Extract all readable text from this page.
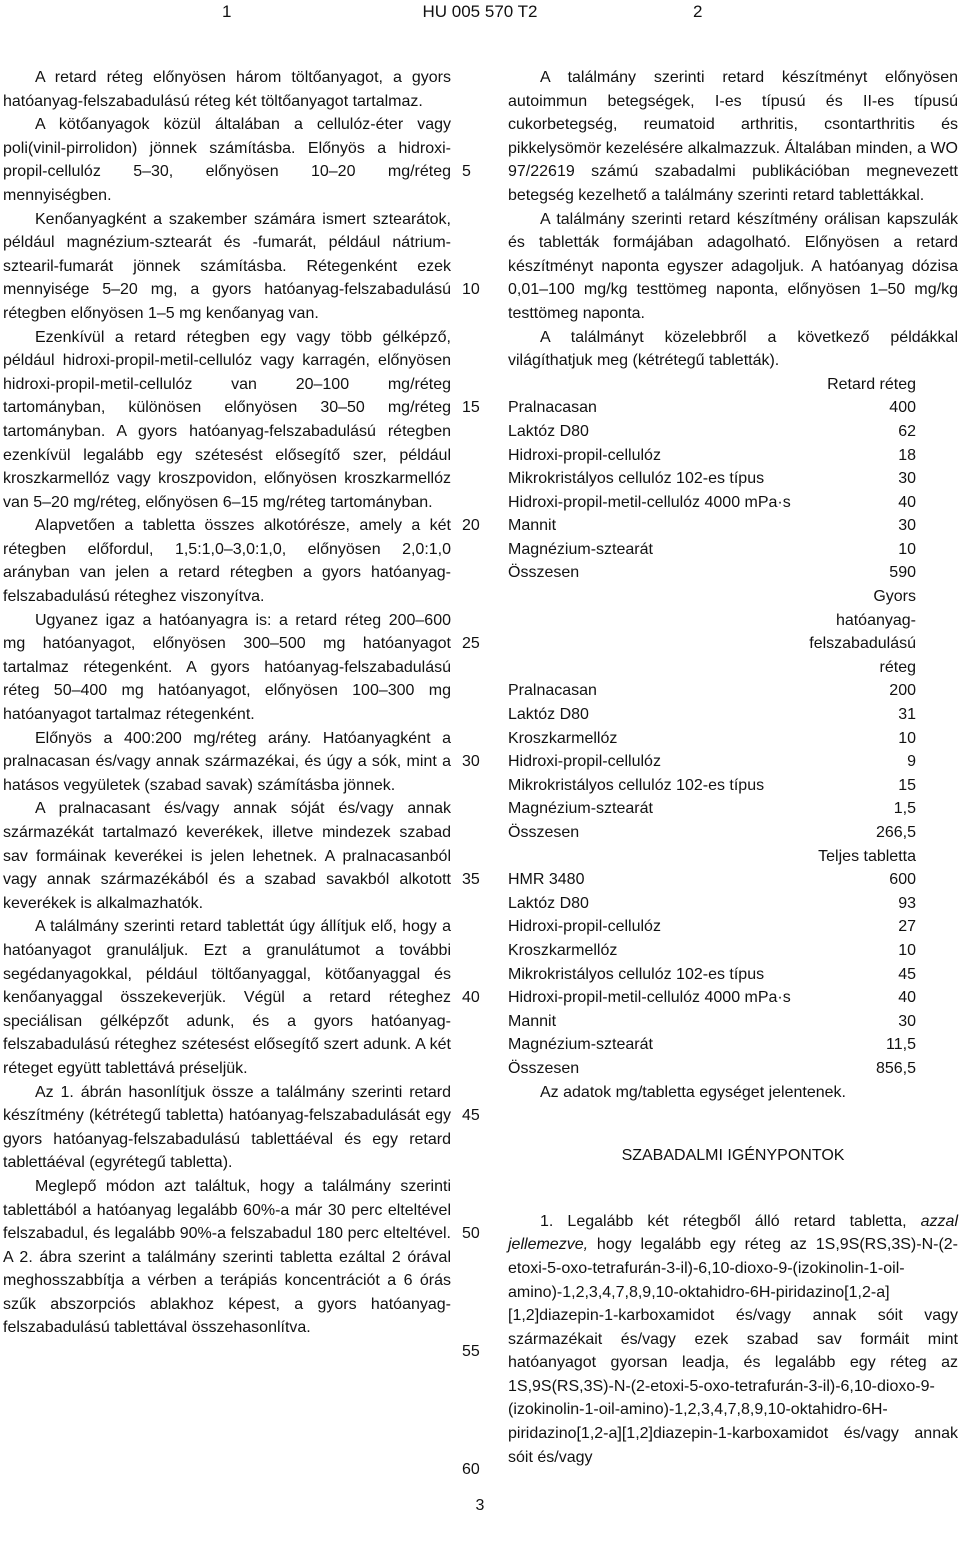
1	HU 005 570 T2	2

A retard réteg előnyösen három töltőanyagot, a gyors hatóanyag-felszabadulású réteg két töltőanyagot tartalmaz.

A kötőanyagok közül általában a cellulóz-éter vagy poli(vinil-pirrolidon) jönnek számításba. Előnyös a hidroxi-propil-cellulóz 5–30, előnyösen 10–20 mg/réteg mennyiségben.

Kenőanyagként a szakember számára ismert sztearátok, például magnézium-sztearát és -fumarát, például nátrium-sztearil-fumarát jönnek számításba. Rétegenként ezek mennyisége 5–20 mg, a gyors hatóanyag-felszabadulású rétegben előnyösen 1–5 mg kenőanyag van.

Ezenkívül a retard rétegben egy vagy több gélképző, például hidroxi-propil-metil-cellulóz vagy karragén, előnyösen hidroxi-propil-metil-cellulóz van 20–100 mg/réteg tartományban, különösen előnyösen 30–50 mg/réteg tartományban. A gyors hatóanyag-felszabadulású rétegben ezenkívül legalább egy szétesést elősegítő szer, például kroszkarmellóz vagy kroszpovidon, előnyösen kroszkarmellóz van 5–20 mg/réteg, előnyösen 6–15 mg/réteg tartományban.

Alapvetően a tabletta összes alkotórésze, amely a két rétegben előfordul, 1,5:1,0–3,0:1,0, előnyösen 2,0:1,0 arányban van jelen a retard rétegben a gyors hatóanyag-felszabadulású réteghez viszonyítva.

Ugyanez igaz a hatóanyagra is: a retard réteg 200–600 mg hatóanyagot, előnyösen 300–500 mg hatóanyagot tartalmaz rétegenként. A gyors hatóanyag-felszabadulású réteg 50–400 mg hatóanyagot, előnyösen 100–300 mg hatóanyagot tartalmaz rétegenként.

Előnyös a 400:200 mg/réteg arány. Hatóanyagként a pralnacasan és/vagy annak származékai, és úgy a sók, mint a hatásos vegyületek (szabad savak) számításba jönnek.

A pralnacasant és/vagy annak sóját és/vagy annak származékát tartalmazó keverékek, illetve mindezek szabad sav formáinak keverékei is jelen lehetnek. A pralnacasanból vagy annak származékából és a szabad savakból alkotott keverékek is alkalmazhatók.

A találmány szerinti retard tablettát úgy állítjuk elő, hogy a hatóanyagot granuláljuk. Ezt a granulátumot a további segédanyagokkal, például töltőanyaggal, kötőanyaggal és kenőanyaggal összekeverjük. Végül a retard réteghez speciálisan gélképzőt adunk, és a gyors hatóanyag-felszabadulású réteghez szétesést elősegítő szert adunk. A két réteget együtt tablettává préseljük.

Az 1. ábrán hasonlítjuk össze a találmány szerinti retard készítmény (kétrétegű tabletta) hatóanyag-felszabadulását egy gyors hatóanyag-felszabadulású tablettáéval és egy retard tablettáéval (egyrétegű tabletta).

Meglepő módon azt találtuk, hogy a találmány szerinti tablettából a hatóanyag legalább 60%-a már 30 perc elteltével felszabadul, és legalább 90%-a felszabadul 180 perc elteltével. A 2. ábra szerint a találmány szerinti tabletta ezáltal 2 órával meghosszabbítja a vérben a terápiás koncentrációt a 6 órás szűk abszorpciós ablakhoz képest, a gyors hatóanyag-felszabadulású tablettával összehasonlítva.

5
10
15
20
25
30
35
40
45
50
55
60

A találmány szerinti retard készítményt előnyösen autoimmun betegségek, I-es típusú és II-es típusú cukorbetegség, reumatoid arthritis, csontarthritis és pikkelysömör kezelésére alkalmazzuk. Általában minden, a WO 97/22619 számú szabadalmi publikációban megnevezett betegség kezelhető a találmány szerinti retard tablettákkal.

A találmány szerinti retard készítmény orálisan kapszulák és tabletták formájában adagolható. Előnyösen a retard készítményt naponta egyszer adagoljuk. A hatóanyag dózisa 0,01–100 mg/kg testtömeg naponta, előnyösen 1–50 mg/kg testtömeg naponta.

A találmányt közelebbről a következő példákkal világíthatjuk meg (kétrétegű tabletták).

Retard réteg	
Pralnacasan	400
Laktóz D80	62
Hidroxi-propil-cellulóz	18
Mikrokristályos cellulóz 102-es típus	30
Hidroxi-propil-metil-cellulóz 4000 mPa·s	40
Mannit	30
Magnézium-sztearát	10
Összesen	590
Gyors	
hatóanyag-	
felszabadulású	
réteg	
Pralnacasan	200
Laktóz D80	31
Kroszkarmellóz	10
Hidroxi-propil-cellulóz	9
Mikrokristályos cellulóz 102-es típus	15
Magnézium-sztearát	1,5
Összesen	266,5
Teljes tabletta	
HMR 3480	600
Laktóz D80	93
Hidroxi-propil-cellulóz	27
Kroszkarmellóz	10
Mikrokristályos cellulóz 102-es típus	45
Hidroxi-propil-metil-cellulóz 4000 mPa·s	40
Mannit	30
Magnézium-sztearát	11,5
Összesen	856,5

Az adatok mg/tabletta egységet jelentenek.

SZABADALMI IGÉNYPONTOK

1. Legalább két rétegből álló retard tabletta, azzal jellemezve, hogy legalább egy réteg az 1S,9S(RS,3S)-N-(2-etoxi-5-oxo-tetrafurán-3-il)-6,10-dioxo-9-(izokinolin-1-oil-amino)-1,2,3,4,7,8,9,10-oktahidro-6H-piridazino[1,2-a][1,2]diazepin-1-karboxamidot és/vagy annak sóit vagy származékait és/vagy ezek szabad sav formáit mint hatóanyagot gyorsan leadja, és legalább egy réteg az 1S,9S(RS,3S)-N-(2-etoxi-5-oxo-tetrafurán-3-il)-6,10-dioxo-9-(izokinolin-1-oil-amino)-1,2,3,4,7,8,9,10-oktahidro-6H-piridazino[1,2-a][1,2]diazepin-1-karboxamidot és/vagy annak sóit és/vagy

3
